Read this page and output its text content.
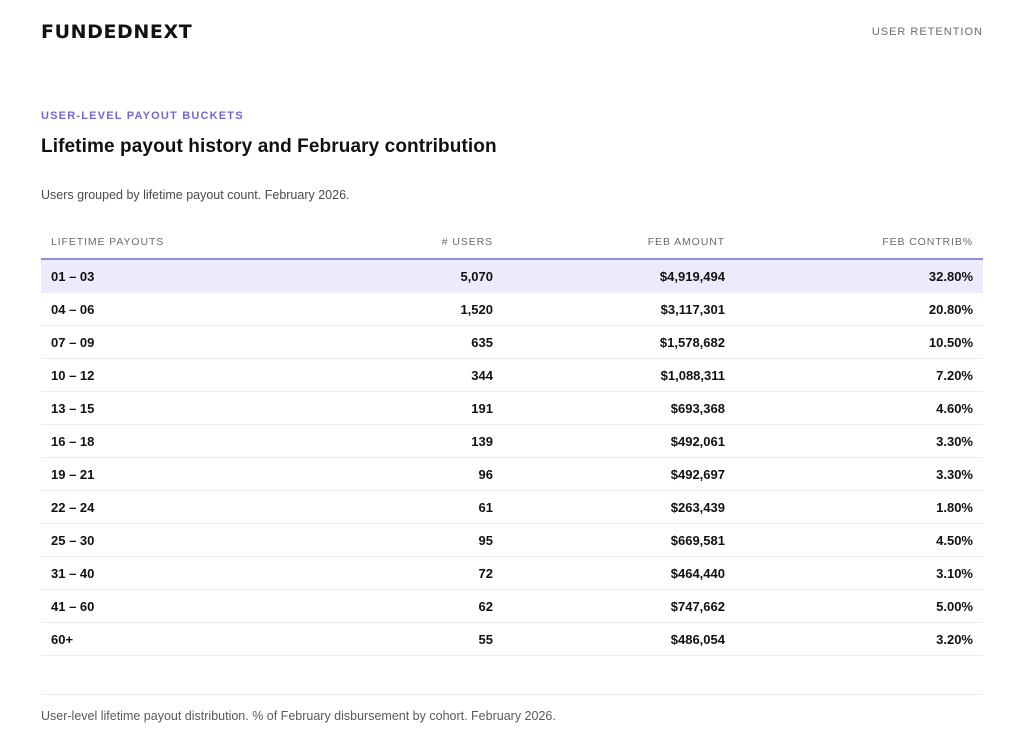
FUNDEDNEXT	USER RETENTION
USER-LEVEL PAYOUT BUCKETS
Lifetime payout history and February contribution
Users grouped by lifetime payout count. February 2026.
LIFETIME PAYOUTS	# USERS	FEB AMOUNT	FEB CONTRIB%
01 – 03	5,070	$4,919,494	32.80%
04 – 06	1,520	$3,117,301	20.80%
07 – 09	635	$1,578,682	10.50%
10 – 12	344	$1,088,311	7.20%
13 – 15	191	$693,368	4.60%
16 – 18	139	$492,061	3.30%
19 – 21	96	$492,697	3.30%
22 – 24	61	$263,439	1.80%
25 – 30	95	$669,581	4.50%
31 – 40	72	$464,440	3.10%
41 – 60	62	$747,662	5.00%
60+	55	$486,054	3.20%
User-level lifetime payout distribution. % of February disbursement by cohort. February 2026.
